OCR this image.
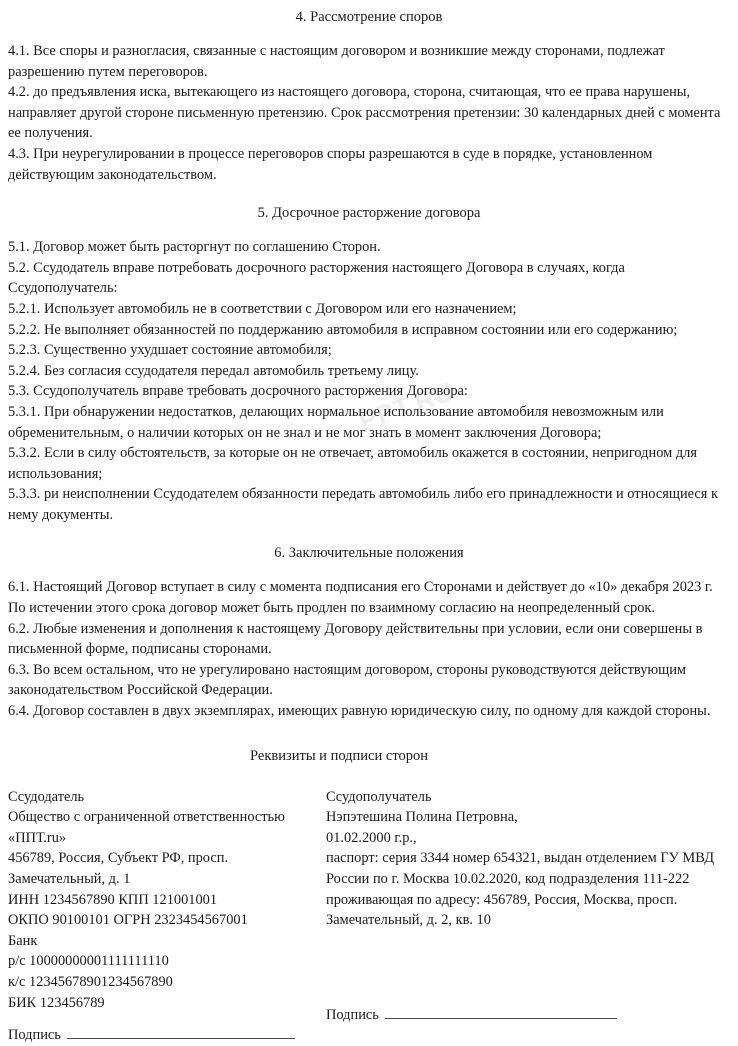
PPT.RU
4. Рассмотрение споров

4.1. Все споры и разногласия, связанные с настоящим договором и возникшие между сторонами, подлежат разрешению путем переговоров.

4.2. до предъявления иска, вытекающего из настоящего договора, сторона, считающая, что ее права нарушены, направляет другой стороне письменную претензию. Срок рассмотрения претензии: 30 календарных дней с момента ее получения.

4.3. При неурегулировании в процессе переговоров споры разрешаются в суде в порядке, установленном действующим законодательством.

5. Досрочное расторжение договора

5.1. Договор может быть расторгнут по соглашению Сторон.

5.2. Ссудодатель вправе потребовать досрочного расторжения настоящего Договора в случаях, когда Ссудополучатель:

5.2.1. Использует автомобиль не в соответствии с Договором или его назначением;

5.2.2. Не выполняет обязанностей по поддержанию автомобиля в исправном состоянии или его содержанию;

5.2.3. Существенно ухудшает состояние автомобиля;

5.2.4. Без согласия ссудодателя передал автомобиль третьему лицу.

5.3. Ссудополучатель вправе требовать досрочного расторжения Договора:

5.3.1. При обнаружении недостатков, делающих нормальное использование автомобиля невозможным или обременительным, о наличии которых он не знал и не мог знать в момент заключения Договора;

5.3.2. Если в силу обстоятельств, за которые он не отвечает, автомобиль окажется в состоянии, непригодном для использования;

5.3.3. ри неисполнении Ссудодателем обязанности передать автомобиль либо его принадлежности и относящиеся к нему документы.

6. Заключительные положения

6.1. Настоящий Договор вступает в силу с момента подписания его Сторонами и действует до «10» декабря 2023 г. По истечении этого срока договор может быть продлен по взаимному согласию на неопределенный срок.

6.2. Любые изменения и дополнения к настоящему Договору действительны при условии, если они совершены в письменной форме, подписаны сторонами.

6.3. Во всем остальном, что не урегулировано настоящим договором, стороны руководствуются действующим законодательством Российской Федерации.

6.4. Договор составлен в двух экземплярах, имеющих равную юридическую силу, по одному для каждой стороны.

Реквизиты и подписи сторон
Ссудодатель
Общество с ограниченной ответственностью «ППТ.ru»
456789, Россия, Субъект РФ, просп. Замечательный, д. 1
ИНН 1234567890 КПП 121001001
ОКПО 90100101 ОГРН 2323454567001
Банк
р/с 10000000001111111110
к/с 12345678901234567890
БИК 123456789
Подпись
Ссудополучатель
Нэпэтешина Полина Петровна,
01.02.2000 г.р.,
паспорт: серия 3344 номер 654321, выдан отделением ГУ МВД России по г. Москва 10.02.2020, код подразделения 111-222
проживающая по адресу: 456789, Россия, Москва, просп. Замечательный, д. 2, кв. 10
Подпись
